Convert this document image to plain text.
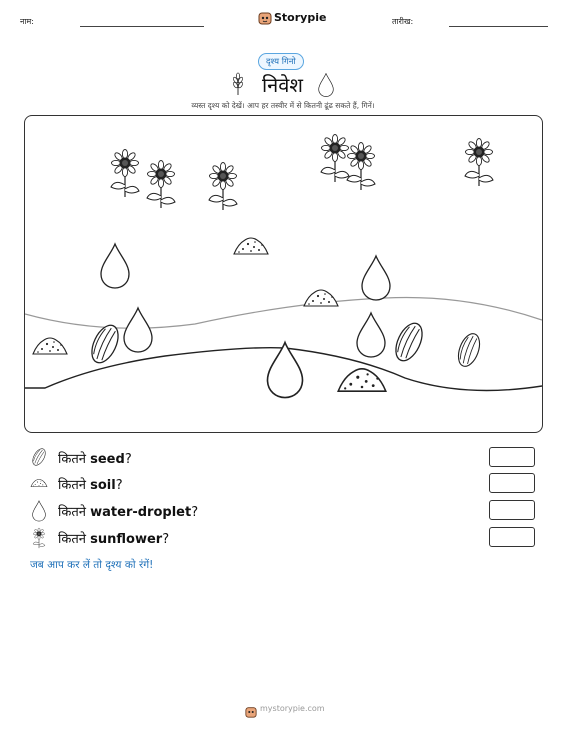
नाम:	Storypie	तारीख:
दृश्य गिनो
निवेश
व्यस्त दृश्य को देखें। आप हर तस्वीर में से कितनी ढूंढ सकते हैं, गिनें।
कितने seed?
कितने soil?
कितने water-droplet?
कितने sunflower?
जब आप कर लें तो दृश्य को रंगें!
mystorypie.com
